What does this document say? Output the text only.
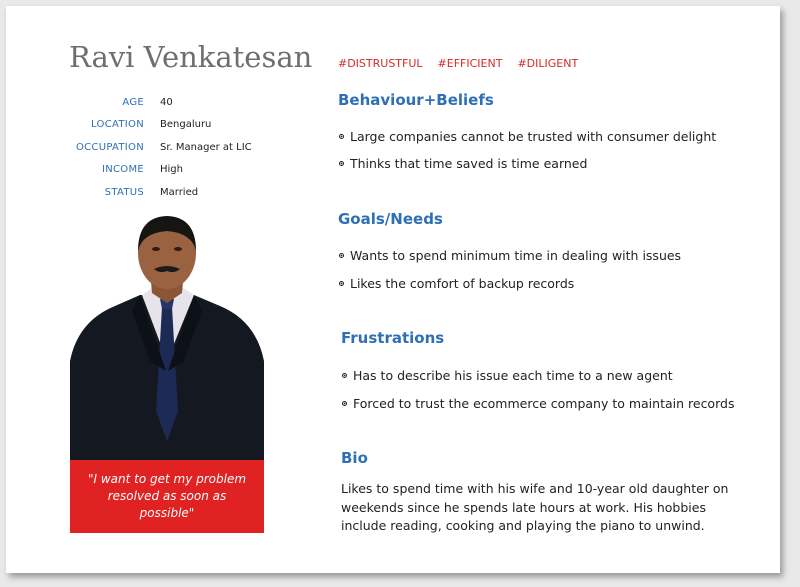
Ravi Venkatesan #DISTRUSTFUL #EFFICIENT #DILIGENT
AGE	40
LOCATION	Bengaluru
OCCUPATION	Sr. Manager at LIC
INCOME	High
STATUS	Married
"I want to get my problem resolved as soon as possible"
Behaviour+Beliefs
Large companies cannot be trusted with consumer delight
Thinks that time saved is time earned
Goals/Needs
Wants to spend minimum time in dealing with issues
Likes the comfort of backup records
Frustrations
Has to describe his issue each time to a new agent
Forced to trust the ecommerce company to maintain records
Bio
Likes to spend time with his wife and 10-year old daughter on weekends since he spends late hours at work. His hobbies include reading, cooking and playing the piano to unwind.
